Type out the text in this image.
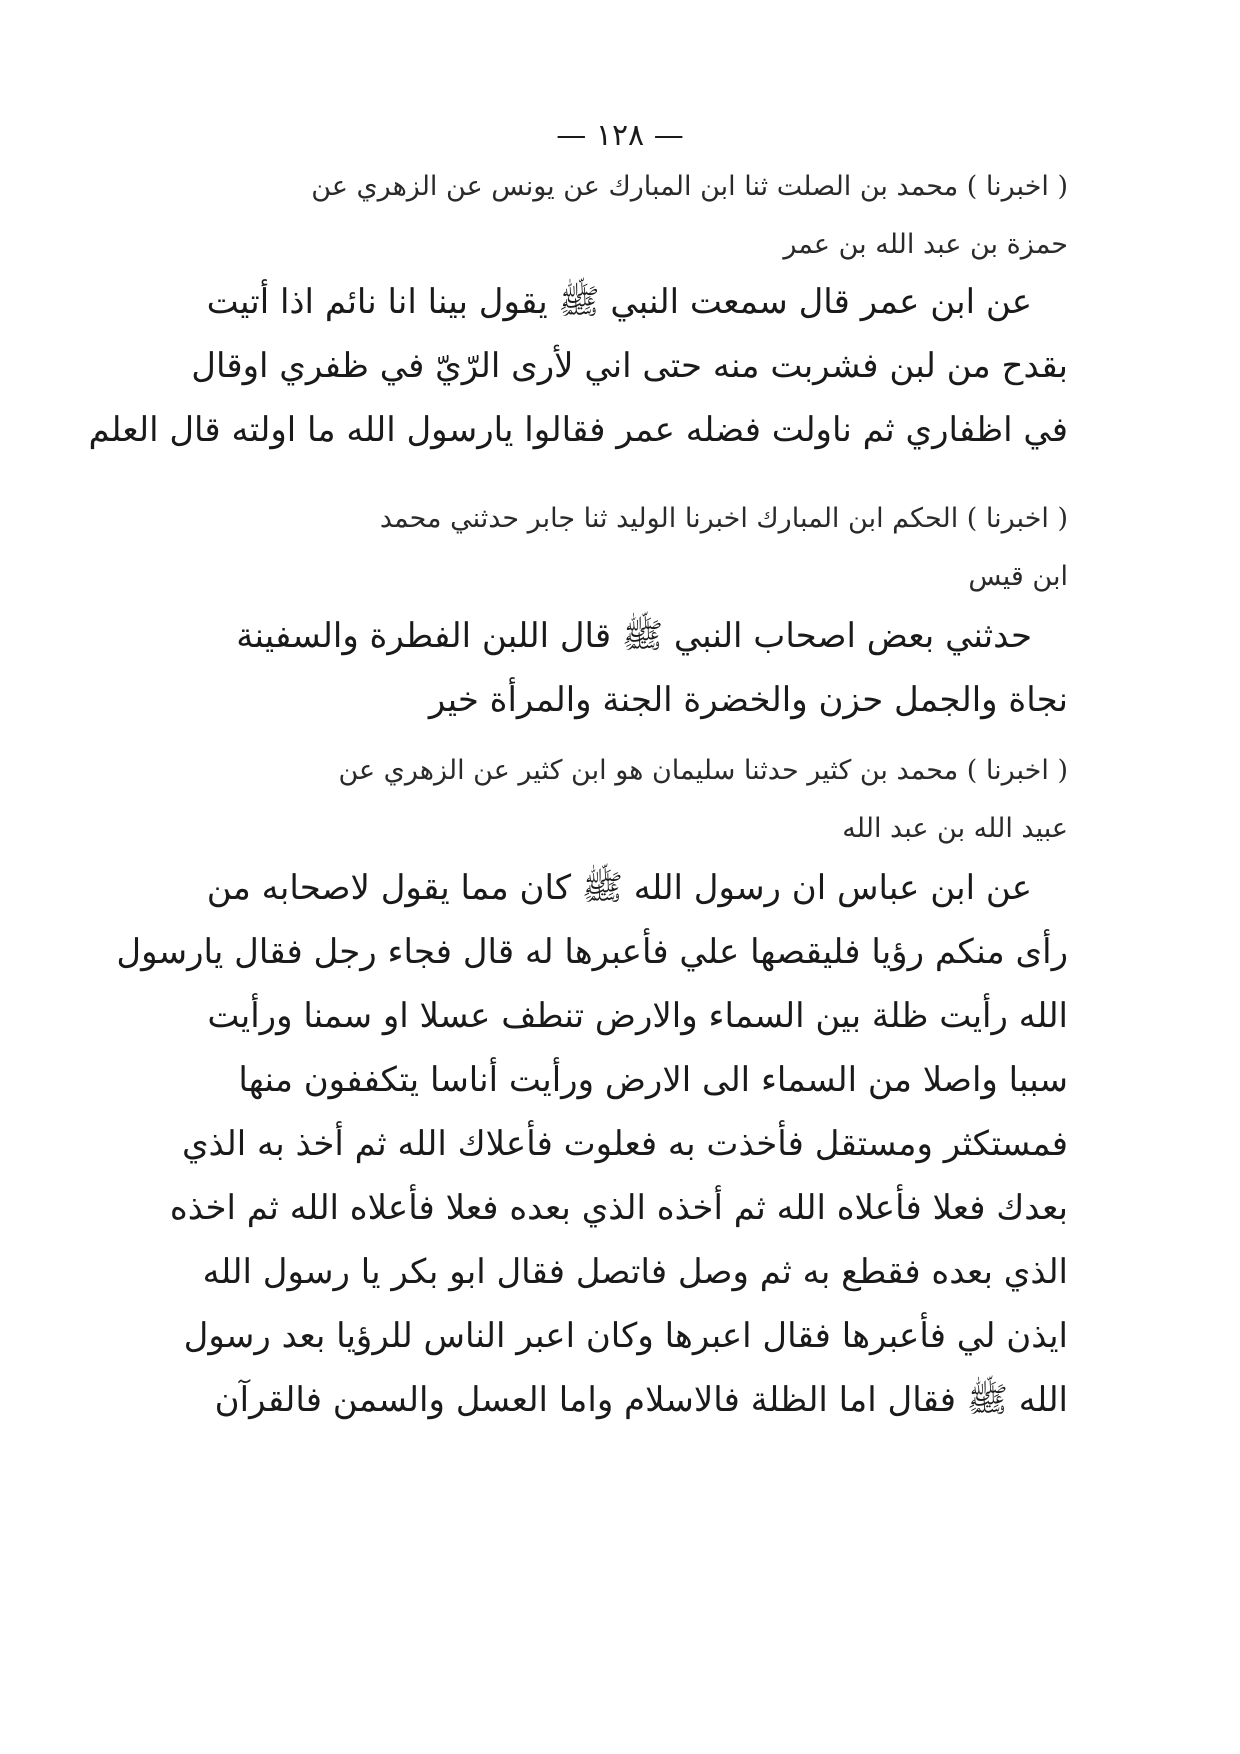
— ١٢٨ —
( اخبرنا ) محمد بن الصلت ثنا ابن المبارك عن يونس عن الزهري عن
حمزة بن عبد الله بن عمر
عن ابن عمر قال سمعت النبي ﷺ يقول بينا انا نائم اذا أتيت
بقدح من لبن فشربت منه حتى اني لأرى الرّيّ في ظفري اوقال
في اظفاري ثم ناولت فضله عمر فقالوا يارسول الله ما اولته قال العلم
( اخبرنا ) الحكم ابن المبارك اخبرنا الوليد ثنا جابر حدثني محمد
ابن قيس
حدثني بعض اصحاب النبي ﷺ قال اللبن الفطرة والسفينة
نجاة والجمل حزن والخضرة الجنة والمرأة خير
( اخبرنا ) محمد بن كثير حدثنا سليمان هو ابن كثير عن الزهري عن
عبيد الله بن عبد الله
عن ابن عباس ان رسول الله ﷺ كان مما يقول لاصحابه من
رأى منكم رؤيا فليقصها علي فأعبرها له قال فجاء رجل فقال يارسول
الله رأيت ظلة بين السماء والارض تنطف عسلا او سمنا ورأيت
سببا واصلا من السماء الى الارض ورأيت أناسا يتكففون منها
فمستكثر ومستقل فأخذت به فعلوت فأعلاك الله ثم أخذ به الذي
بعدك فعلا فأعلاه الله ثم أخذه الذي بعده فعلا فأعلاه الله ثم اخذه
الذي بعده فقطع به ثم وصل فاتصل فقال ابو بكر يا رسول الله
ايذن لي فأعبرها فقال اعبرها وكان اعبر الناس للرؤيا بعد رسول
الله ﷺ فقال اما الظلة فالاسلام واما العسل والسمن فالقرآن
